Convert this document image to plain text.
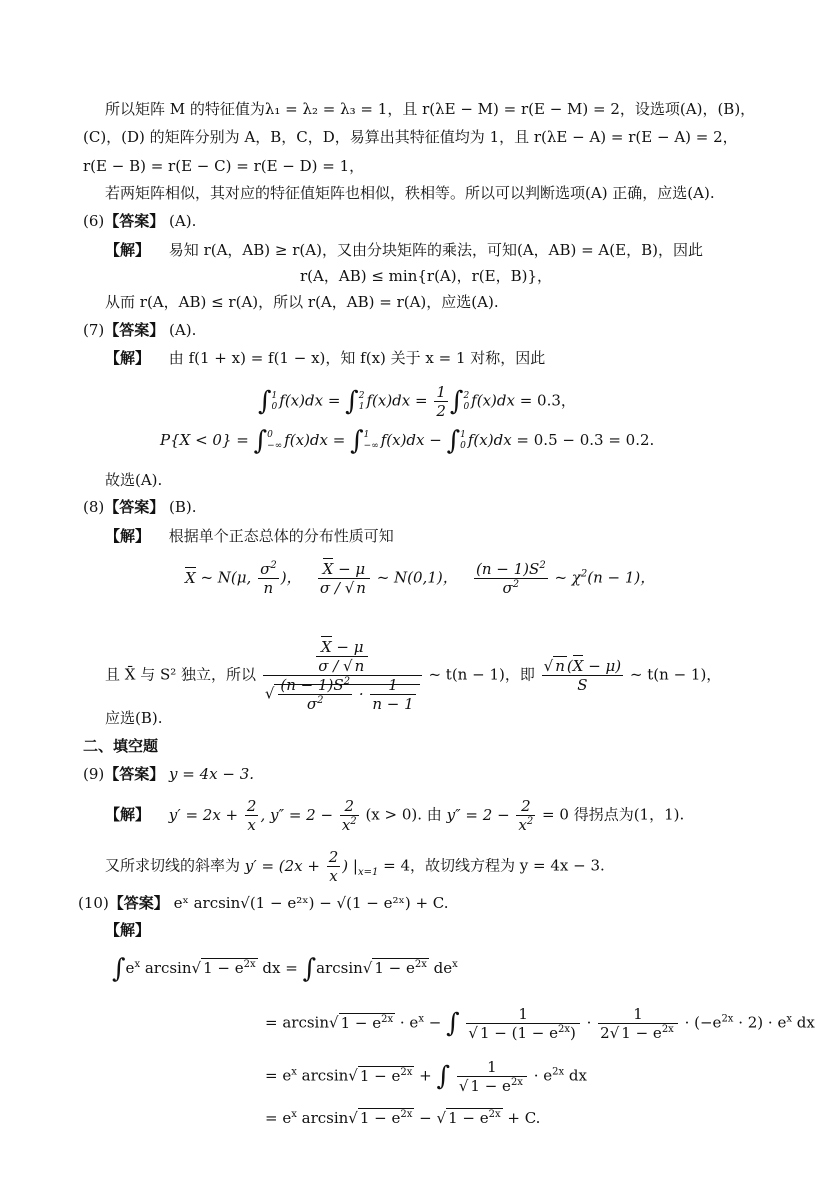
所以矩阵 M 的特征值为λ₁ = λ₂ = λ₃ = 1，且 r(λE − M) = r(E − M) = 2，设选项(A)，(B)，
(C)，(D) 的矩阵分别为 A，B，C，D，易算出其特征值均为 1，且 r(λE − A) = r(E − A) = 2，
r(E − B) = r(E − C) = r(E − D) = 1，
若两矩阵相似，其对应的特征值矩阵也相似，秩相等。所以可以判断选项(A) 正确，应选(A).
(6)【答案】 (A).
【解】 易知 r(A，AB) ≥ r(A)，又由分块矩阵的乘法，可知(A，AB) = A(E，B)，因此
r(A，AB) ≤ min{r(A)，r(E，B)}，
从而 r(A，AB) ≤ r(A)，所以 r(A，AB) = r(A)，应选(A).
(7)【答案】 (A).
【解】 由 f(1 + x) = f(1 − x)，知 f(x) 关于 x = 1 对称，因此
∫1
0 f(x)dx = ∫2
1 $f(x)dx = \frac{1}{2} \int 2$
0 f(x)dx = 0.3，
P{X < 0} = ∫0
−∞ f(x)dx = ∫1
−∞ f(x)dx − ∫1
0 f(x)dx = 0.5 − 0.3 = 0.2.
故选(A).
(8)【答案】 (B).
【解】 根据单个正态总体的分布性质可知
X ~ N(μ, $\frac{\sigma^2}{n}$ )， $\frac{X - \mu}{\sigma / √ n}$ ~ N(0,1)， $\frac{(n - 1)S^2}{\sigma^2}$ ~ $\chi^2(n - 1)$，
且 X̄ 与 S² 独立，所以 $\frac{\frac{X - \mu}{\sigma / √ n}}{√ \frac{(n - 1)S^2}{\sigma^2} \cdot \frac{1}{n - 1}}$ ~ t(n − 1)，即 $\frac{√ n (X - \mu)}{S}$ ~ t(n − 1)，
应选(B).
二、填空题
(9)【答案】 y = 4x − 3.
【解】 $y' = 2x + \frac{2}{x}$ , $y'' = 2 - \frac{2}{x^2} (x > 0)$. 由 $y'' = 2 - \frac{2}{x^2} = 0$ 得拐点为(1，1).
又所求切线的斜率为 $y' = (2x + \frac{2}{x}$ ) $|_{x=1} = 4$，故切线方程为 y = 4x − 3.
(10)【答案】 eˣ arcsin√(1 − e²ˣ) − √(1 − e²ˣ) + C.
【解】
$\int e^x$ arcsin√ $1 - e^{2x}$ dx = ∫arcsin√ $1 - e^{2x}$ $de^x$
= arcsin√ $1 - e^{2x} \cdot e^x$ − ∫ $\frac{1}{√ 1 - (1 - e^{2x})} \cdot \frac{1}{2√ 1 - e^{2x}} \cdot (-e^{2x} \cdot 2) \cdot e^x$ dx
= $e^x$ arcsin√ $1 - e^{2x}$ + ∫ $\frac{1}{√ 1 - e^{2x}} \cdot e^{2x}$ dx
= $e^x$ arcsin√ $1 - e^{2x}$ − √ $1 - e^{2x} + C$.
